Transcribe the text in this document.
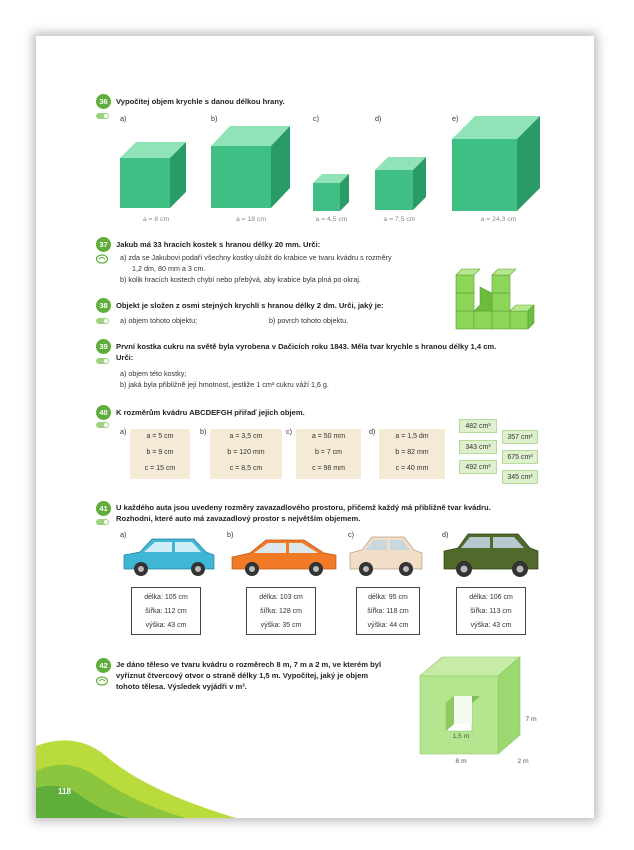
36	Vypočítej objem krychle s danou délkou hrany.
a)	b)	c)	d)	e)
a = 8 cm	a = 18 cm	a = 4,5 cm	a = 7,5 cm	a = 24,3 cm
37	Jakub má 33 hracích kostek s hranou délky 20 mm. Urči:
a) zda se Jakubovi podaří všechny kostky uložit do krabice ve tvaru kvádru s rozměry
1,2 dm, 80 mm a 3 cm.
b) kolik hracích kostech chybí nebo přebývá, aby krabice byla plná po okraj.
38	Objekt je složen z osmi stejných krychlí s hranou délky 2 dm. Urči, jaký je:
a) objem tohoto objektu;	b) povrch tohoto objektu.
39	První kostka cukru na světě byla vyrobena v Dačicích roku 1843. Měla tvar krychle s hranou délky 1,4 cm.
Urči:
a) objem této kostky;
b) jaká byla přibližně její hmotnost, jestliže 1 cm³ cukru váží 1,6 g.
40	K rozměrům kvádru ABCDEFGH přiřaď jejich objem.
a)
a = 5 cm
b = 9 cm
c = 15 cm
b)
a = 3,5 cm
b = 120 mm
c = 8,5 cm
c)
a = 50 mm
b = 7 cm
c = 98 mm
d)
a = 1,5 dm
b = 82 mm
c = 40 mm
482 cm³
357 cm³
343 cm³
675 cm³
492 cm³
345 cm³
41	U každého auta jsou uvedeny rozměry zavazadlového prostoru, přičemž každý má přibližně tvar kvádru.
Rozhodni, které auto má zavazadlový prostor s největším objemem.
a)	b)	c)	d)
délka: 105 cm
šířka: 112 cm
výška: 43 cm
délka: 103 cm
šířka: 128 cm
výška: 35 cm
délka: 95 cm
šířka: 118 cm
výška: 44 cm
délka: 106 cm
šířka: 113 cm
výška: 43 cm
42	Je dáno těleso ve tvaru kvádru o rozměrech 8 m, 7 m a 2 m, ve kterém byl
vyříznut čtvercový otvor o straně délky 1,5 m. Vypočítej, jaký je objem
tohoto tělesa. Výsledek vyjádři v m³.
1,5 m
8 m
7 m
2 m
118
